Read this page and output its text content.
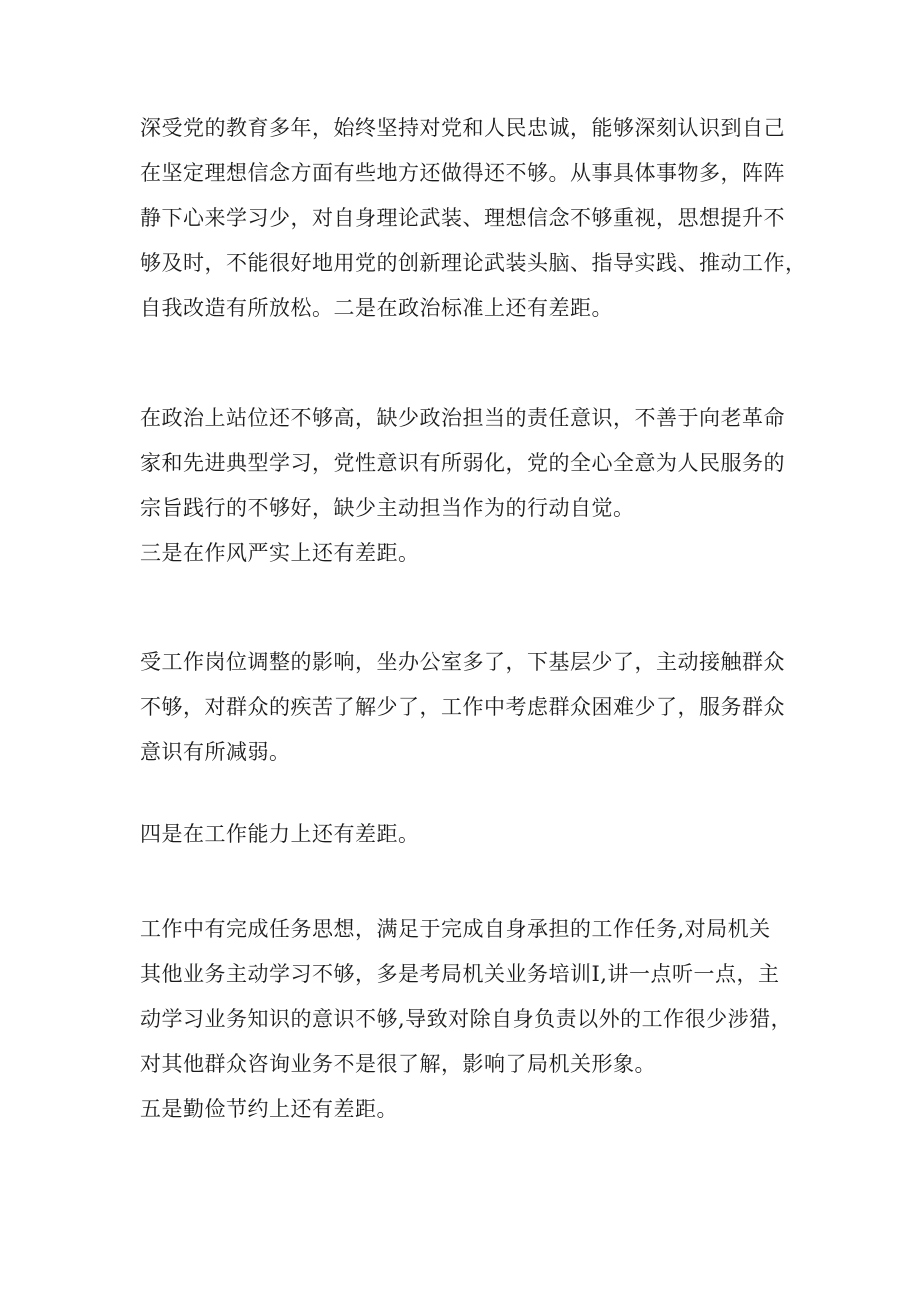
深受党的教育多年，始终坚持对党和人民忠诚，能够深刻认识到自己
在坚定理想信念方面有些地方还做得还不够。从事具体事物多，阵阵
静下心来学习少，对自身理论武装、理想信念不够重视，思想提升不
够及时，不能很好地用党的创新理论武装头脑、指导实践、推动工作，
自我改造有所放松。二是在政治标准上还有差距。
在政治上站位还不够高，缺少政治担当的责任意识，不善于向老革命
家和先进典型学习，党性意识有所弱化，党的全心全意为人民服务的
宗旨践行的不够好，缺少主动担当作为的行动自觉。
三是在作风严实上还有差距。
受工作岗位调整的影响，坐办公室多了，下基层少了，主动接触群众
不够，对群众的疾苦了解少了，工作中考虑群众困难少了，服务群众
意识有所减弱。
四是在工作能力上还有差距。
工作中有完成任务思想，满足于完成自身承担的工作任务,对局机关
其他业务主动学习不够，多是考局机关业务培训I,讲一点听一点，主
动学习业务知识的意识不够,导致对除自身负责以外的工作很少涉猎，
对其他群众咨询业务不是很了解，影响了局机关形象。
五是勤俭节约上还有差距。
